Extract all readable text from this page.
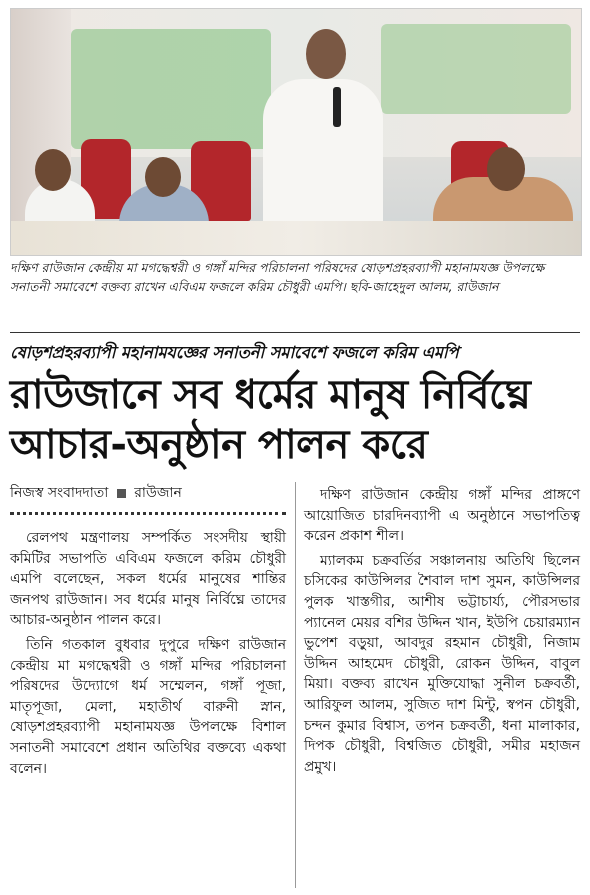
দক্ষিণ রাউজান কেন্দ্রীয় মা মগদ্ধেশ্বরী ও গঙ্গাঁ মন্দির পরিচালনা পরিষদের ষোড়শপ্রহরব্যাপী মহানামযজ্ঞ উপলক্ষে সনাতনী সমাবেশে বক্তব্য রাখেন এবিএম ফজলে করিম চৌধুরী এমপি। ছবি-জাহেদুল আলম, রাউজান
ষোড়শপ্রহরব্যাপী মহানামযজ্ঞের সনাতনী সমাবেশে ফজলে করিম এমপি
রাউজানে সব ধর্মের মানুষ নির্বিঘ্নে আচার-অনুষ্ঠান পালন করে
নিজস্ব সংবাদদাতা রাউজান

রেলপথ মন্ত্রণালয় সম্পর্কিত সংসদীয় স্থায়ী কমিটির সভাপতি এবিএম ফজলে করিম চৌধুরী এমপি বলেছেন, সকল ধর্মের মানুষের শান্তির জনপথ রাউজান। সব ধর্মের মানুষ নির্বিঘ্নে তাদের আচার-অনুষ্ঠান পালন করে।

তিনি গতকাল বুধবার দুপুরে দক্ষিণ রাউজান কেন্দ্রীয় মা মগদ্ধেশ্বরী ও গঙ্গাঁ মন্দির পরিচালনা পরিষদের উদ্যোগে ধর্ম সম্মেলন, গঙ্গাঁ পূজা, মাতৃপূজা, মেলা, মহাতীর্থ বারুনী স্নান, ষোড়শপ্রহরব্যাপী মহানামযজ্ঞ উপলক্ষে বিশাল সনাতনী সমাবেশে প্রধান অতিথির বক্তব্যে একথা বলেন।

দক্ষিণ রাউজান কেন্দ্রীয় গঙ্গাঁ মন্দির প্রাঙ্গণে আয়োজিত চারদিনব্যাপী এ অনুষ্ঠানে সভাপতিত্ব করেন প্রকাশ শীল।

ম্যালকম চক্রবর্তির সঞ্চালনায় অতিথি ছিলেন চসিকের কাউন্সিলর শৈবাল দাশ সুমন, কাউন্সিলর পুলক খাস্তগীর, আশীষ ভট্টাচার্য্য, পৌরসভার প্যানেল মেয়র বশির উদ্দিন খান, ইউপি চেয়ারম্যান ভুপেশ বড়ুয়া, আবদুর রহমান চৌধুরী, নিজাম উদ্দিন আহমেদ চৌধুরী, রোকন উদ্দিন, বাবুল মিয়া। বক্তব্য রাখেন মুক্তিযোদ্ধা সুনীল চক্রবর্তী, আরিফুল আলম, সুজিত দাশ মিন্টু, স্বপন চৌধুরী, চন্দন কুমার বিশ্বাস, তপন চক্রবর্তী, ধনা মালাকার, দিপক চৌধুরী, বিশ্বজিত চৌধুরী, সমীর মহাজন প্রমুখ।
